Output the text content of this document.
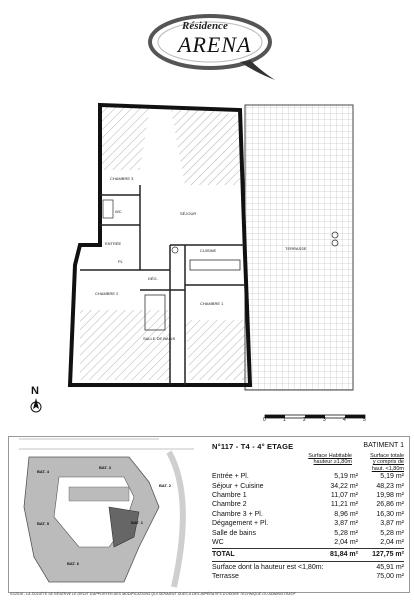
Résidence
ARENA
CHAMBRE 3
SÉJOUR
ENTRÉE
CUISINE
CHAMBRE 2
CHAMBRE 1
SALLE DE BAINS
WC
DÉG.
TERRASSE
PL
N
0	1	2	3	4	5
BAT. 1
BAT. 2
BAT. 3
BAT. 4
BAT. 5
BAT. 6
N°117 - T4 - 4° ETAGE	BATIMENT 1
Surface Habitable
hauteur ≥1,80m
Surface totale
y compris de
haut. <1,80m
Entrée + Pl.	5,19 m²	5,19 m²
Séjour + Cuisine	34,22 m²	48,23 m²
Chambre 1	11,07 m²	19,98 m²
Chambre 2	11,21 m²	26,86 m²
Chambre 3 + Pl.	8,96 m²	16,30 m²
Dégagement + Pl.	3,87 m²	3,87 m²
Salle de bains	5,28 m²	5,28 m²
WC	2,04 m²	2,04 m²
TOTAL	81,84 m²	127,75 m²
Surface dont la hauteur est <1,80m:	45,91 m²
Terrasse	75,00 m²
01/2016 - LA SOCIÉTÉ SE RÉSERVE LE DROIT D'APPORTER DES MODIFICATIONS QUI SERAIENT DUES À DES IMPÉRATIFS D'ORDRE TECHNIQUE OU ADMINISTRATIF
